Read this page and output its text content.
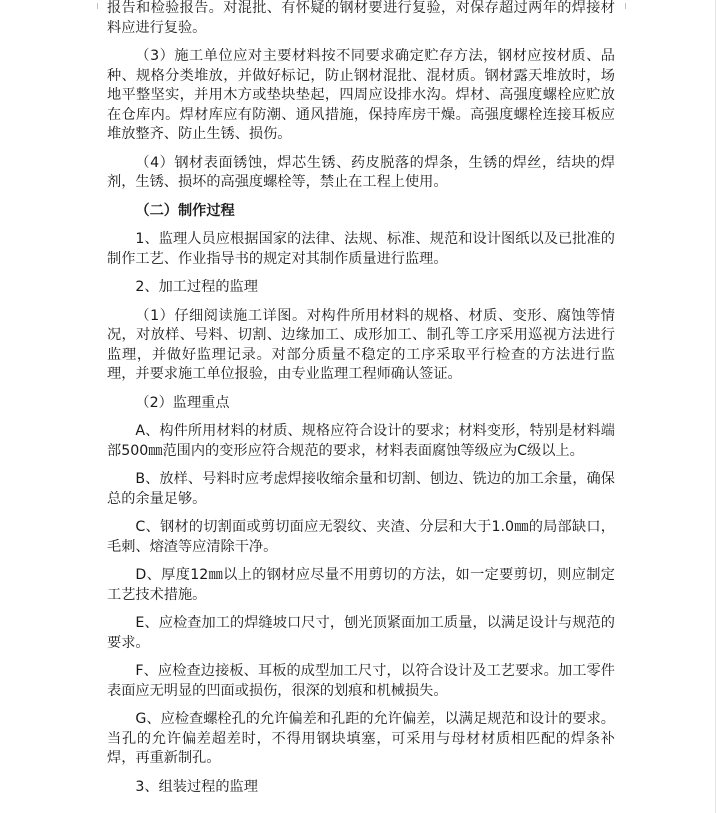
报告和检验报告。对混批、有怀疑的钢材要进行复验，对保存超过两年的焊接材料应进行复验。

（3）施工单位应对主要材料按不同要求确定贮存方法，钢材应按材质、品种、规格分类堆放，并做好标记，防止钢材混批、混材质。钢材露天堆放时，场地平整坚实，并用木方或垫块垫起，四周应设排水沟。焊材、高强度螺栓应贮放在仓库内。焊材库应有防潮、通风措施，保持库房干燥。高强度螺栓连接耳板应堆放整齐、防止生锈、损伤。

（4）钢材表面锈蚀，焊芯生锈、药皮脱落的焊条，生锈的焊丝，结块的焊剂，生锈、损坏的高强度螺栓等，禁止在工程上使用。

（二）制作过程

1、监理人员应根据国家的法律、法规、标准、规范和设计图纸以及已批准的制作工艺、作业指导书的规定对其制作质量进行监理。

2、加工过程的监理

（1）仔细阅读施工详图。对构件所用材料的规格、材质、变形、腐蚀等情况，对放样、号料、切割、边缘加工、成形加工、制孔等工序采用巡视方法进行监理，并做好监理记录。对部分质量不稳定的工序采取平行检查的方法进行监理，并要求施工单位报验，由专业监理工程师确认签证。

（2）监理重点

A、构件所用材料的材质、规格应符合设计的要求；材料变形，特别是材料端部500㎜范围内的变形应符合规范的要求，材料表面腐蚀等级应为C级以上。

B、放样、号料时应考虑焊接收缩余量和切割、刨边、铣边的加工余量，确保总的余量足够。

C、钢材的切割面或剪切面应无裂纹、夹渣、分层和大于1.0㎜的局部缺口，毛刺、熔渣等应清除干净。

D、厚度12㎜以上的钢材应尽量不用剪切的方法，如一定要剪切，则应制定工艺技术措施。

E、应检查加工的焊缝坡口尺寸，刨光顶紧面加工质量，以满足设计与规范的要求。

F、应检查边接板、耳板的成型加工尺寸，以符合设计及工艺要求。加工零件表面应无明显的凹面或损伤，很深的划痕和机械损失。

G、应检查螺栓孔的允许偏差和孔距的允许偏差，以满足规范和设计的要求。当孔的允许偏差超差时，不得用钢块填塞，可采用与母材材质相匹配的焊条补焊，再重新制孔。

3、组装过程的监理
